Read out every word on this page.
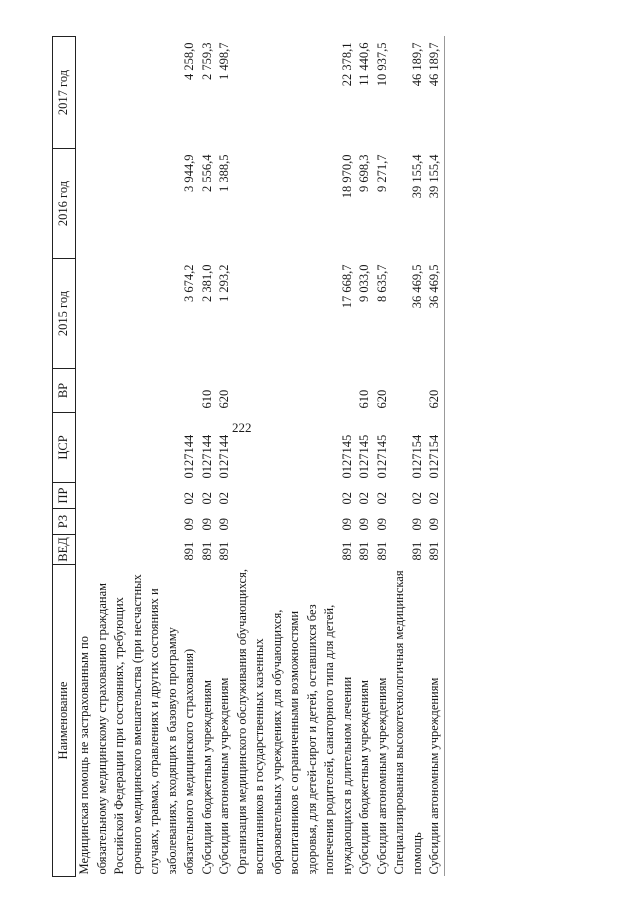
222
Наименование	ВЕД	РЗ	ПР	ЦСР	ВР	2015 год	2016 год	2017 год
Медицинская помощь не застрахованным по обязательному медицинскому страхованию гражданам Российской Федерации при состояниях, требующих срочного медицинского вмешательства (при несчастных случаях, травмах, отравлениях и других состояниях и заболеваниях, входящих в базовую программу обязательного медицинского страхования)	891	09	02	0127144		3 674,2	3 944,9	4 258,0
Субсидии бюджетным учреждениям	891	09	02	0127144	610	2 381,0	2 556,4	2 759,3
Субсидии автономным учреждениям	891	09	02	0127144	620	1 293,2	1 388,5	1 498,7
Организация медицинского обслуживания обучающихся, воспитанников в государственных казенных образовательных учреждениях для обучающихся, воспитанников с ограниченными возможностями здоровья, для детей-сирот и детей, оставшихся без попечения родителей, санаторного типа для детей, нуждающихся в длительном лечении	891	09	02	0127145		17 668,7	18 970,0	22 378,1
Субсидии бюджетным учреждениям	891	09	02	0127145	610	9 033,0	9 698,3	11 440,6
Субсидии автономным учреждениям	891	09	02	0127145	620	8 635,7	9 271,7	10 937,5
Специализированная высокотехнологичная медицинская помощь	891	09	02	0127154		36 469,5	39 155,4	46 189,7
Субсидии автономным учреждениям	891	09	02	0127154	620	36 469,5	39 155,4	46 189,7
